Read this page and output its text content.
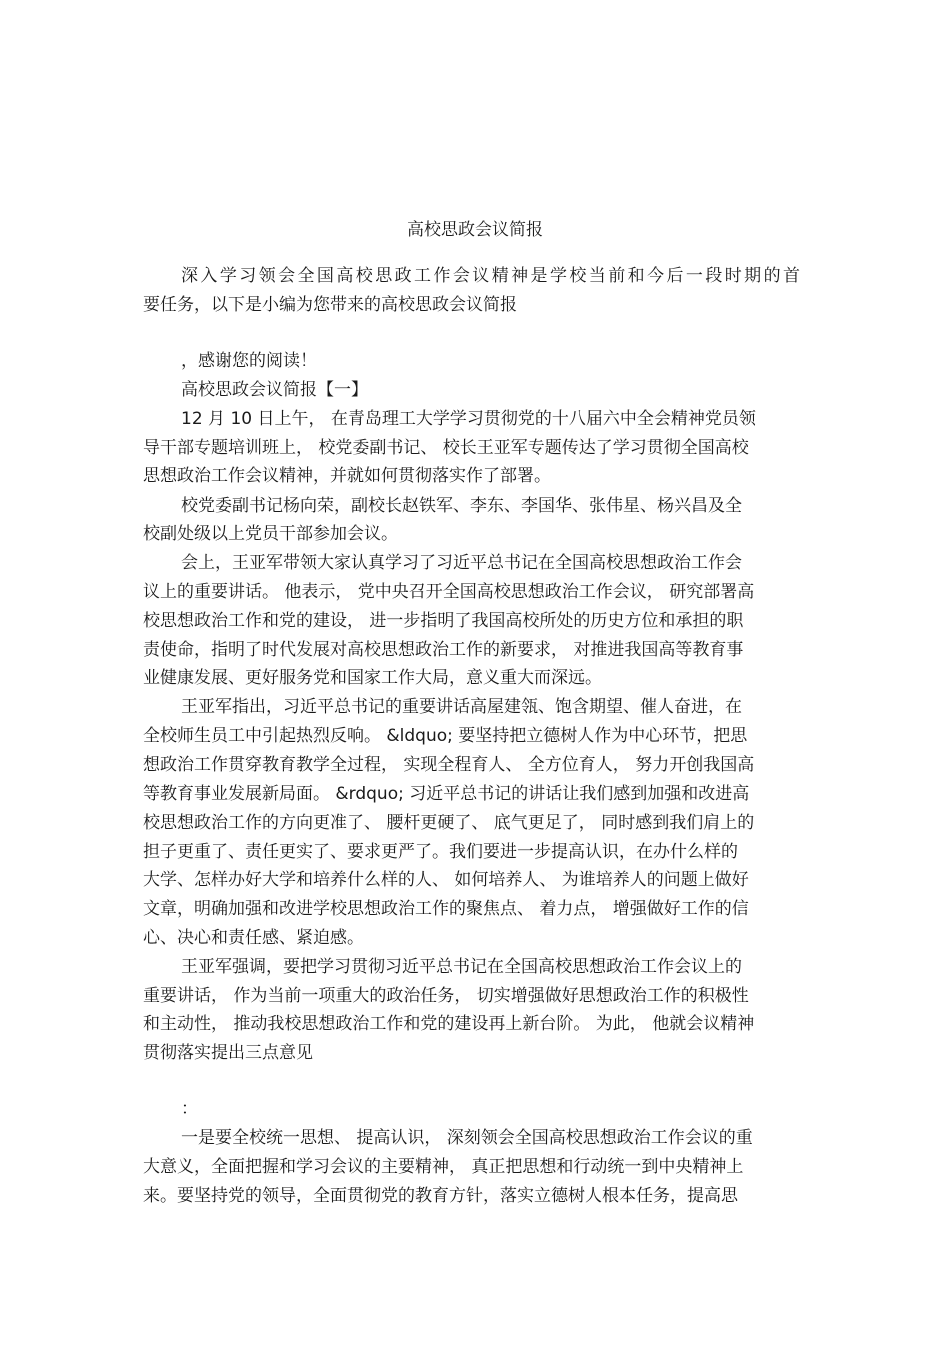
高校思政会议简报
深入学习领会全国高校思政工作会议精神是学校当前和今后一段时期的首
要任务，以下是小编为您带来的高校思政会议简报
，感谢您的阅读！
高校思政会议简报【一】
12 月 10 日上午， 在青岛理工大学学习贯彻党的十八届六中全会精神党员领
导干部专题培训班上， 校党委副书记、 校长王亚军专题传达了学习贯彻全国高校
思想政治工作会议精神，并就如何贯彻落实作了部署。
校党委副书记杨向荣，副校长赵铁军、李东、李国华、张伟星、杨兴昌及全
校副处级以上党员干部参加会议。
会上，王亚军带领大家认真学习了习近平总书记在全国高校思想政治工作会
议上的重要讲话。 他表示， 党中央召开全国高校思想政治工作会议， 研究部署高
校思想政治工作和党的建设， 进一步指明了我国高校所处的历史方位和承担的职
责使命，指明了时代发展对高校思想政治工作的新要求， 对推进我国高等教育事
业健康发展、更好服务党和国家工作大局，意义重大而深远。
王亚军指出，习近平总书记的重要讲话高屋建瓴、饱含期望、催人奋进，在
全校师生员工中引起热烈反响。 &ldquo; 要坚持把立德树人作为中心环节，把思
想政治工作贯穿教育教学全过程， 实现全程育人、 全方位育人， 努力开创我国高
等教育事业发展新局面。 &rdquo; 习近平总书记的讲话让我们感到加强和改进高
校思想政治工作的方向更准了、 腰杆更硬了、 底气更足了， 同时感到我们肩上的
担子更重了、责任更实了、要求更严了。我们要进一步提高认识，在办什么样的
大学、怎样办好大学和培养什么样的人、 如何培养人、 为谁培养人的问题上做好
文章，明确加强和改进学校思想政治工作的聚焦点、 着力点， 增强做好工作的信
心、决心和责任感、紧迫感。
王亚军强调，要把学习贯彻习近平总书记在全国高校思想政治工作会议上的
重要讲话， 作为当前一项重大的政治任务， 切实增强做好思想政治工作的积极性
和主动性， 推动我校思想政治工作和党的建设再上新台阶。 为此， 他就会议精神
贯彻落实提出三点意见
：
一是要全校统一思想、 提高认识， 深刻领会全国高校思想政治工作会议的重
大意义，全面把握和学习会议的主要精神， 真正把思想和行动统一到中央精神上
来。要坚持党的领导，全面贯彻党的教育方针，落实立德树人根本任务，提高思
